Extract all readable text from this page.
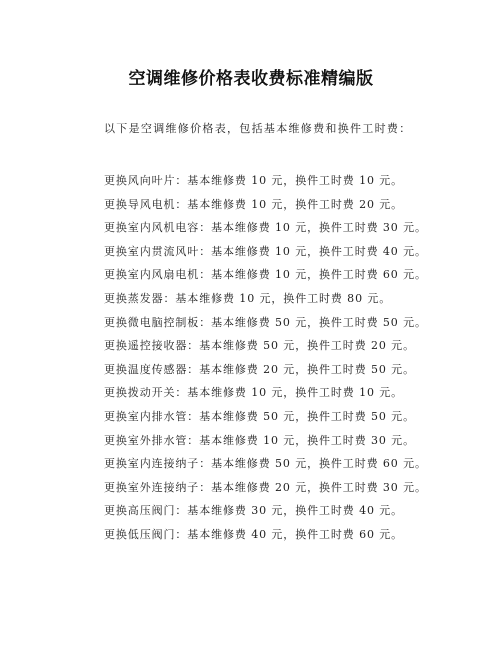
空调维修价格表收费标准精编版
以下是空调维修价格表，包括基本维修费和换件工时费：
更换风向叶片：基本维修费 10 元，换件工时费 10 元。
更换导风电机：基本维修费 10 元，换件工时费 20 元。
更换室内风机电容：基本维修费 10 元，换件工时费 30 元。
更换室内贯流风叶：基本维修费 10 元，换件工时费 40 元。
更换室内风扇电机：基本维修费 10 元，换件工时费 60 元。
更换蒸发器：基本维修费 10 元，换件工时费 80 元。
更换微电脑控制板：基本维修费 50 元，换件工时费 50 元。
更换遥控接收器：基本维修费 50 元，换件工时费 20 元。
更换温度传感器：基本维修费 20 元，换件工时费 50 元。
更换拨动开关：基本维修费 10 元，换件工时费 10 元。
更换室内排水管：基本维修费 50 元，换件工时费 50 元。
更换室外排水管：基本维修费 10 元，换件工时费 30 元。
更换室内连接纳子：基本维修费 50 元，换件工时费 60 元。
更换室外连接纳子：基本维修费 20 元，换件工时费 30 元。
更换高压阀门：基本维修费 30 元，换件工时费 40 元。
更换低压阀门：基本维修费 40 元，换件工时费 60 元。
